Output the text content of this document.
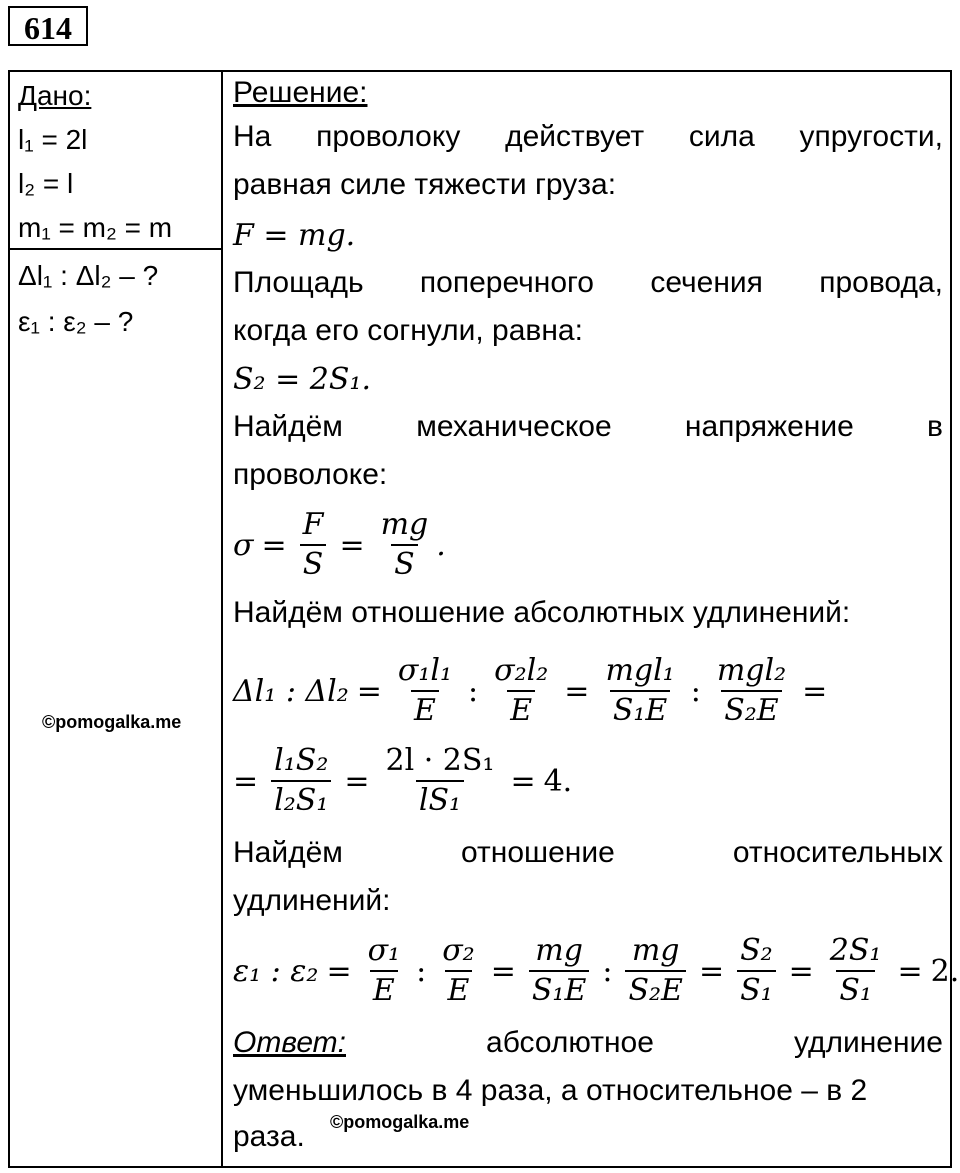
614
Дано:
l₁ = 2l
l₂ = l
m₁ = m₂ = m
Δl₁ : Δl₂ – ?
ε₁ : ε₂ – ?
©pomogalka.me
©pomogalka.me
Решение:
На проволоку действует сила упругости,
равная силе тяжести груза:
F = mg.
Площадь поперечного сечения провода,
когда его согнули, равна:
S₂ = 2S₁.
Найдём механическое напряжение в
проволоке:
$\sigma = \frac{F}{S} = \frac{mg}{S}$ .
Найдём отношение абсолютных удлинений:
Δl₁ : $\Delta l_2 = \frac{\text{σ₁l₁}}{E}$ : $\frac{\text{σ₂l₂}}{E}$ =
mgl₁
S₁E
:
mgl₂
S₂E
=
= $\frac{\text{l₁S₂}}{\text{l₂S₁}} = \frac{\text{2l · 2S₁}}{\text{lS₁}} = 4$.
Найдём	отношение	относительных
удлинений:
ε₁ : $\varepsilon_2 = \frac{\text{σ₁}}{E}$ : $\frac{\text{σ₂}}{E} = \frac{mg}{\text{S₁E}}$ : $\frac{mg}{\text{S₂E}} = \frac{\text{S₂}}{\text{S₁}} = \frac{\text{2S₁}}{\text{S₁}} = 2$.
Ответ:	абсолютное	удлинение
уменьшилось в 4 раза, а относительное – в 2
раза.
